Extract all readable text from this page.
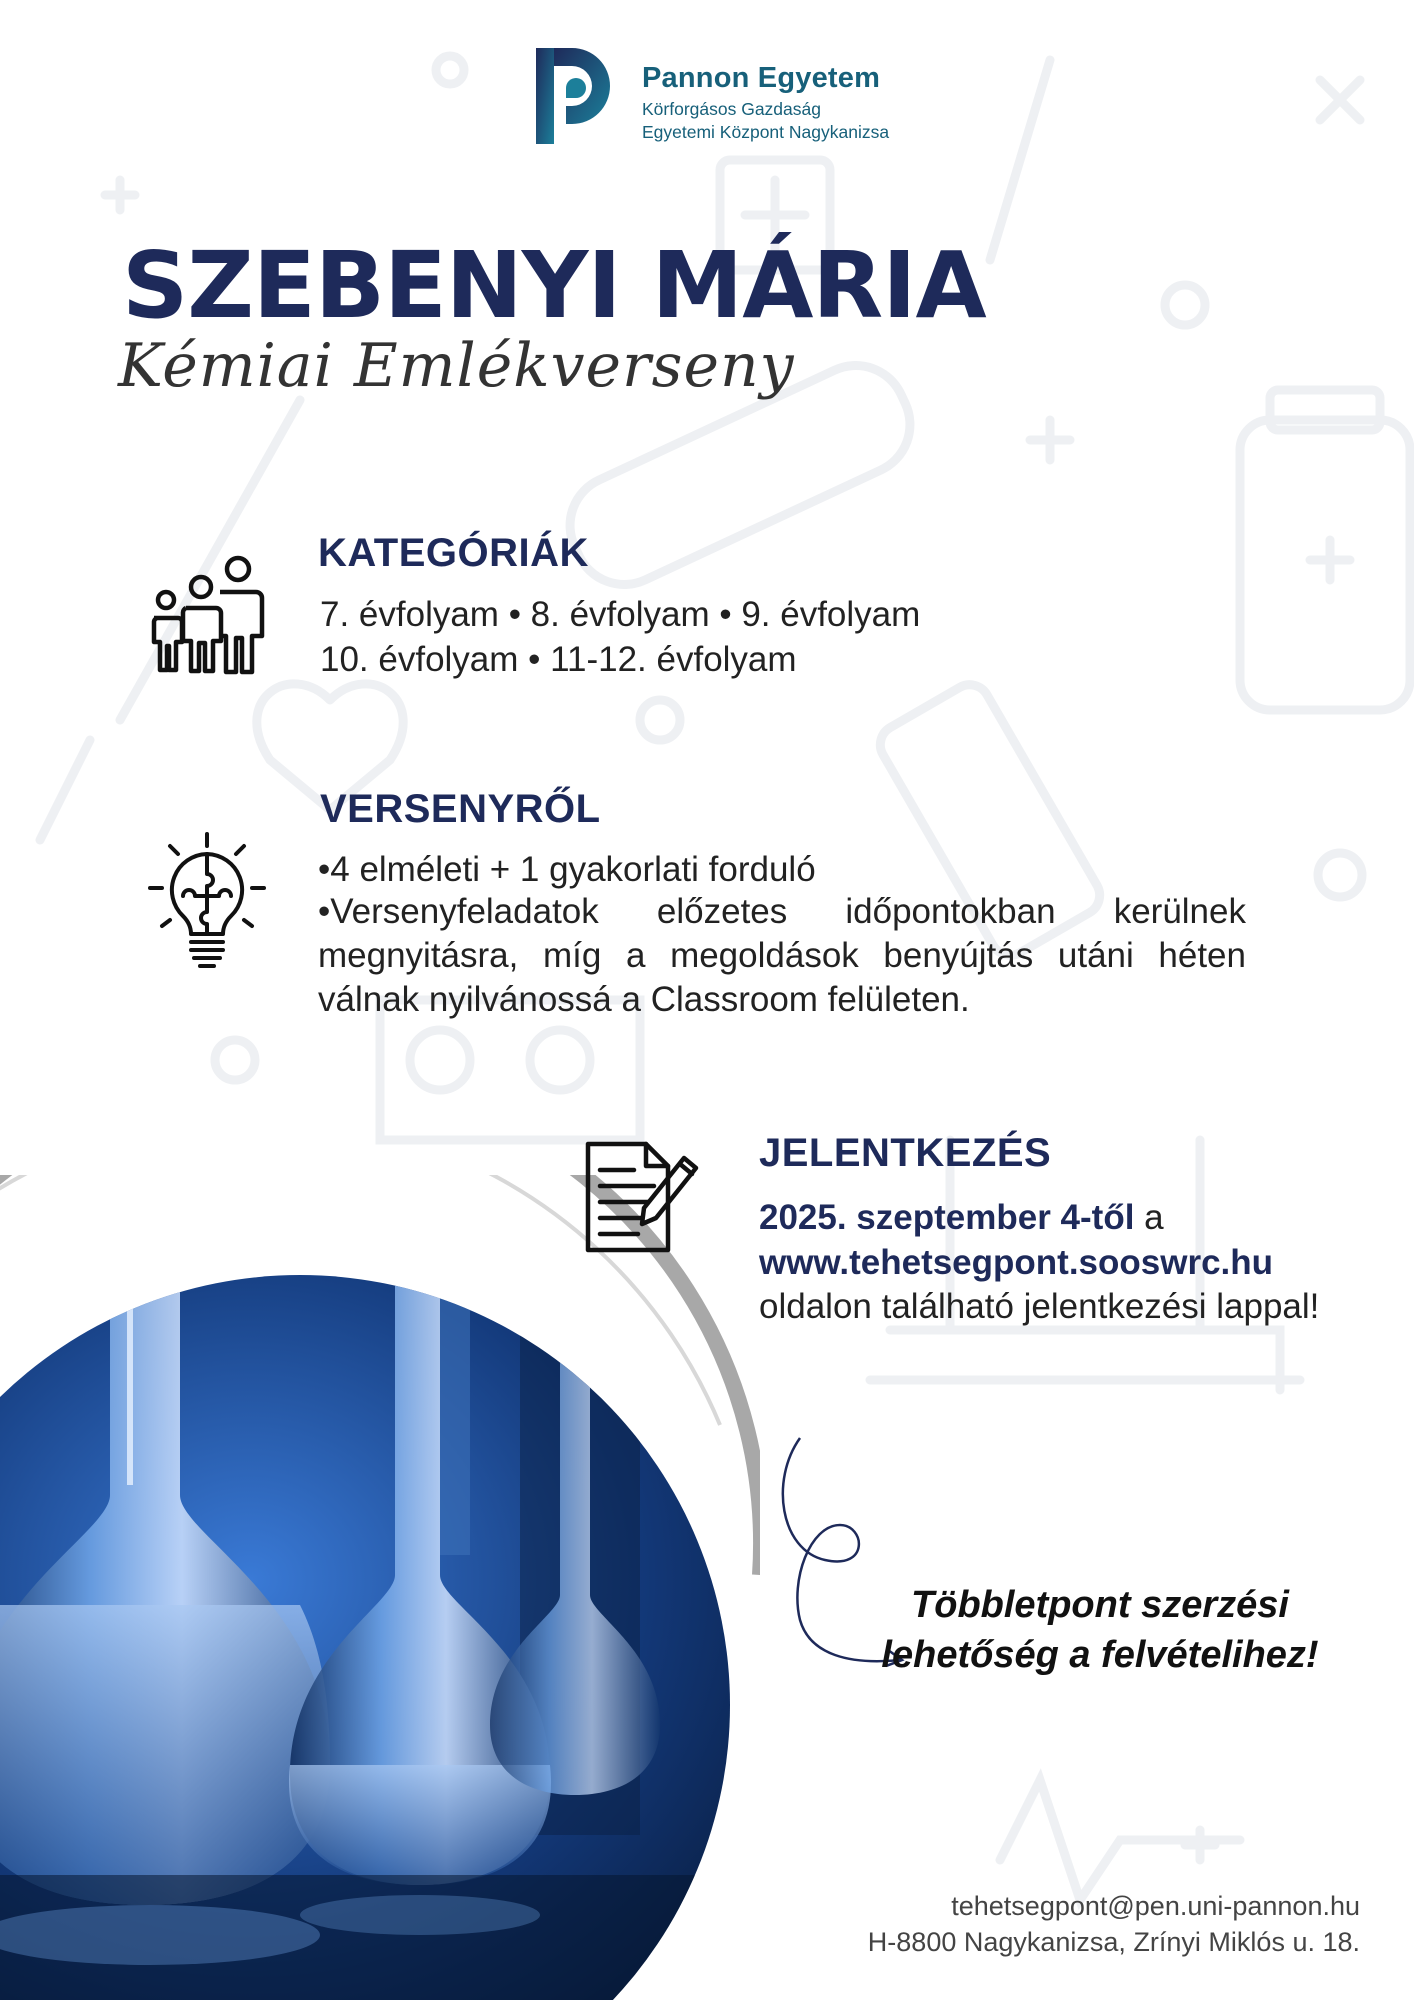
Pannon Egyetem
Körforgásos Gazdaság
Egyetemi Központ Nagykanizsa
SZEBENYI MÁRIA
Kémiai Emlékverseny
KATEGÓRIÁK
7. évfolyam • 8. évfolyam • 9. évfolyam
10. évfolyam • 11-12. évfolyam
VERSENYRŐL
•4 elméleti + 1 gyakorlati forduló
•Versenyfeladatok előzetes időpontokban kerülnek megnyitásra, míg a megoldások benyújtás utáni héten válnak nyilvánossá a Classroom felületen.
JELENTKEZÉS
2025. szeptember 4-től a
www.tehetsegpont.sooswrc.hu
oldalon található jelentkezési lappal!
Többletpont szerzési lehetőség a felvételihez!
tehetsegpont@pen.uni-pannon.hu
H-8800 Nagykanizsa, Zrínyi Miklós u. 18.
